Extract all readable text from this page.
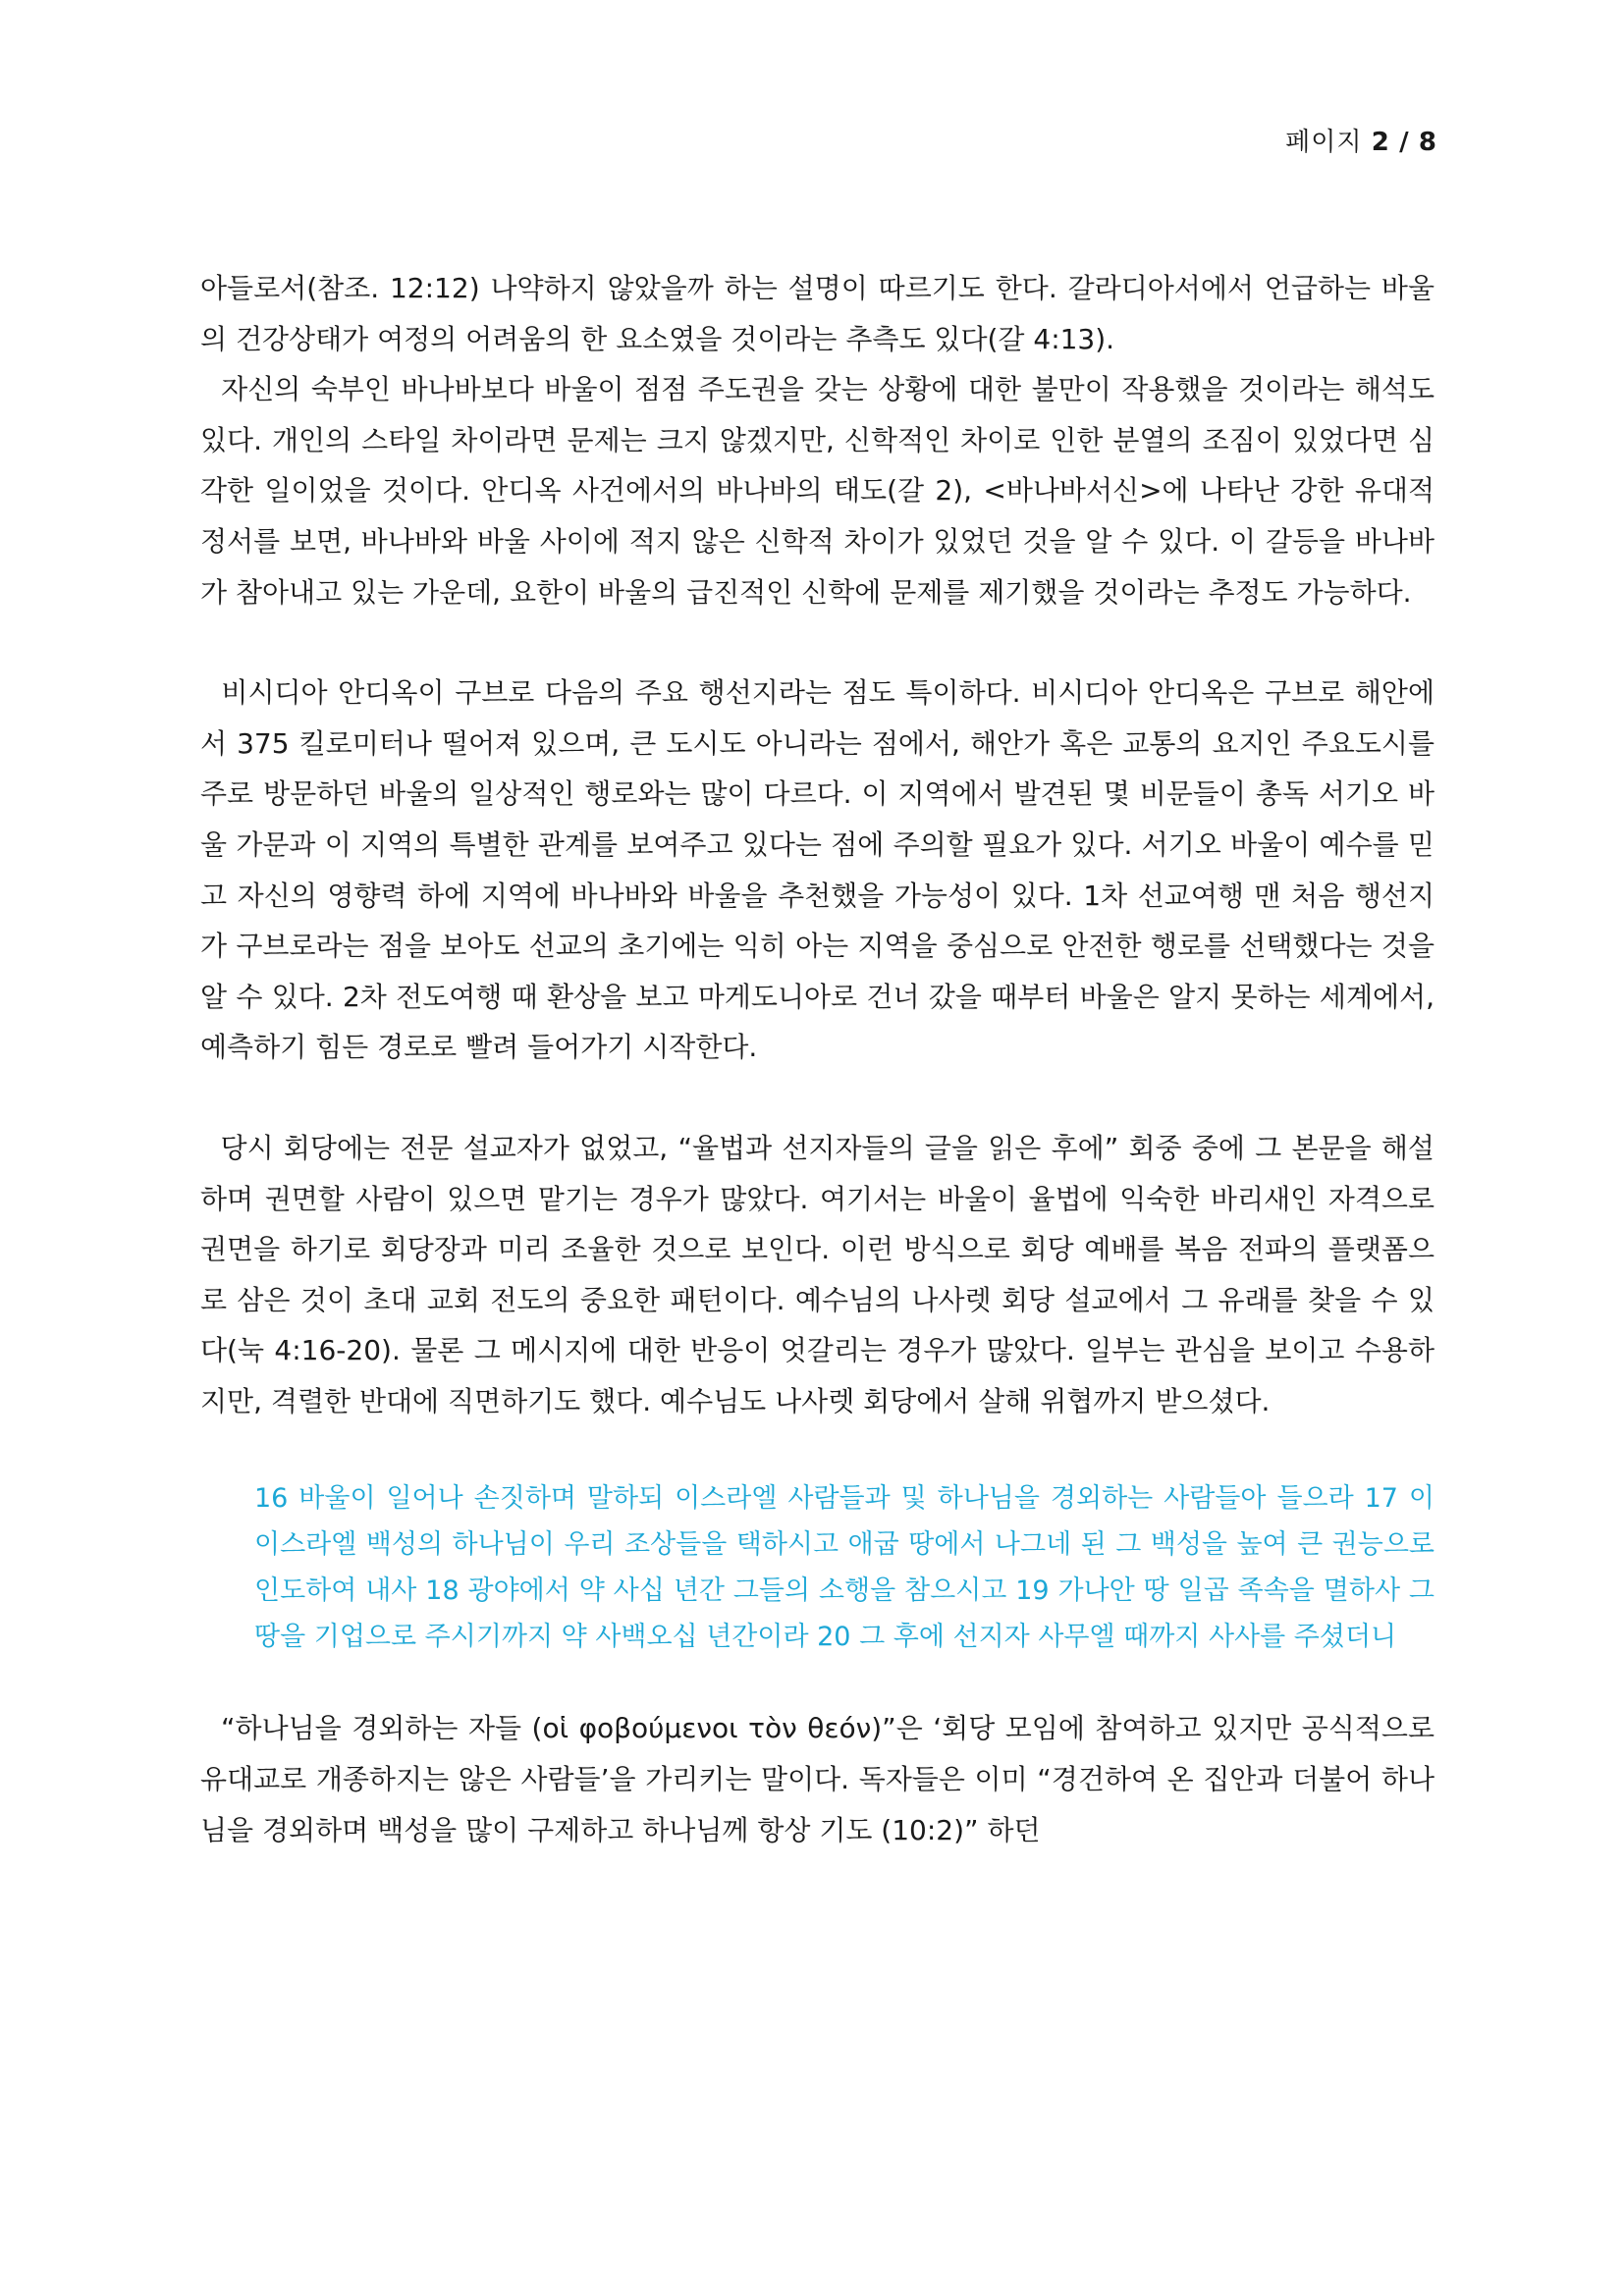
페이지 2 / 8

아들로서(참조. 12:12) 나약하지 않았을까 하는 설명이 따르기도 한다. 갈라디아서에서 언급하는 바울의 건강상태가 여정의 어려움의 한 요소였을 것이라는 추측도 있다(갈 4:13).

자신의 숙부인 바나바보다 바울이 점점 주도권을 갖는 상황에 대한 불만이 작용했을 것이라는 해석도 있다. 개인의 스타일 차이라면 문제는 크지 않겠지만, 신학적인 차이로 인한 분열의 조짐이 있었다면 심각한 일이었을 것이다. 안디옥 사건에서의 바나바의 태도(갈 2), <바나바서신>에 나타난 강한 유대적 정서를 보면, 바나바와 바울 사이에 적지 않은 신학적 차이가 있었던 것을 알 수 있다. 이 갈등을 바나바가 참아내고 있는 가운데, 요한이 바울의 급진적인 신학에 문제를 제기했을 것이라는 추정도 가능하다.

비시디아 안디옥이 구브로 다음의 주요 행선지라는 점도 특이하다. 비시디아 안디옥은 구브로 해안에서 375 킬로미터나 떨어져 있으며, 큰 도시도 아니라는 점에서, 해안가 혹은 교통의 요지인 주요도시를 주로 방문하던 바울의 일상적인 행로와는 많이 다르다. 이 지역에서 발견된 몇 비문들이 총독 서기오 바울 가문과 이 지역의 특별한 관계를 보여주고 있다는 점에 주의할 필요가 있다. 서기오 바울이 예수를 믿고 자신의 영향력 하에 지역에 바나바와 바울을 추천했을 가능성이 있다. 1차 선교여행 맨 처음 행선지가 구브로라는 점을 보아도 선교의 초기에는 익히 아는 지역을 중심으로 안전한 행로를 선택했다는 것을 알 수 있다. 2차 전도여행 때 환상을 보고 마게도니아로 건너 갔을 때부터 바울은 알지 못하는 세계에서, 예측하기 힘든 경로로 빨려 들어가기 시작한다.

당시 회당에는 전문 설교자가 없었고, “율법과 선지자들의 글을 읽은 후에” 회중 중에 그 본문을 해설하며 권면할 사람이 있으면 맡기는 경우가 많았다. 여기서는 바울이 율법에 익숙한 바리새인 자격으로 권면을 하기로 회당장과 미리 조율한 것으로 보인다. 이런 방식으로 회당 예배를 복음 전파의 플랫폼으로 삼은 것이 초대 교회 전도의 중요한 패턴이다. 예수님의 나사렛 회당 설교에서 그 유래를 찾을 수 있다(눅 4:16-20). 물론 그 메시지에 대한 반응이 엇갈리는 경우가 많았다. 일부는 관심을 보이고 수용하지만, 격렬한 반대에 직면하기도 했다. 예수님도 나사렛 회당에서 살해 위협까지 받으셨다.

16 바울이 일어나 손짓하며 말하되 이스라엘 사람들과 및 하나님을 경외하는 사람들아 들으라 17 이 이스라엘 백성의 하나님이 우리 조상들을 택하시고 애굽 땅에서 나그네 된 그 백성을 높여 큰 권능으로 인도하여 내사 18 광야에서 약 사십 년간 그들의 소행을 참으시고 19 가나안 땅 일곱 족속을 멸하사 그 땅을 기업으로 주시기까지 약 사백오십 년간이라 20 그 후에 선지자 사무엘 때까지 사사를 주셨더니

“하나님을 경외하는 자들 (οἱ φοβούμενοι τὸν θεόν)”은 ‘회당 모임에 참여하고 있지만 공식적으로 유대교로 개종하지는 않은 사람들’을 가리키는 말이다. 독자들은 이미 “경건하여 온 집안과 더불어 하나님을 경외하며 백성을 많이 구제하고 하나님께 항상 기도 (10:2)” 하던
